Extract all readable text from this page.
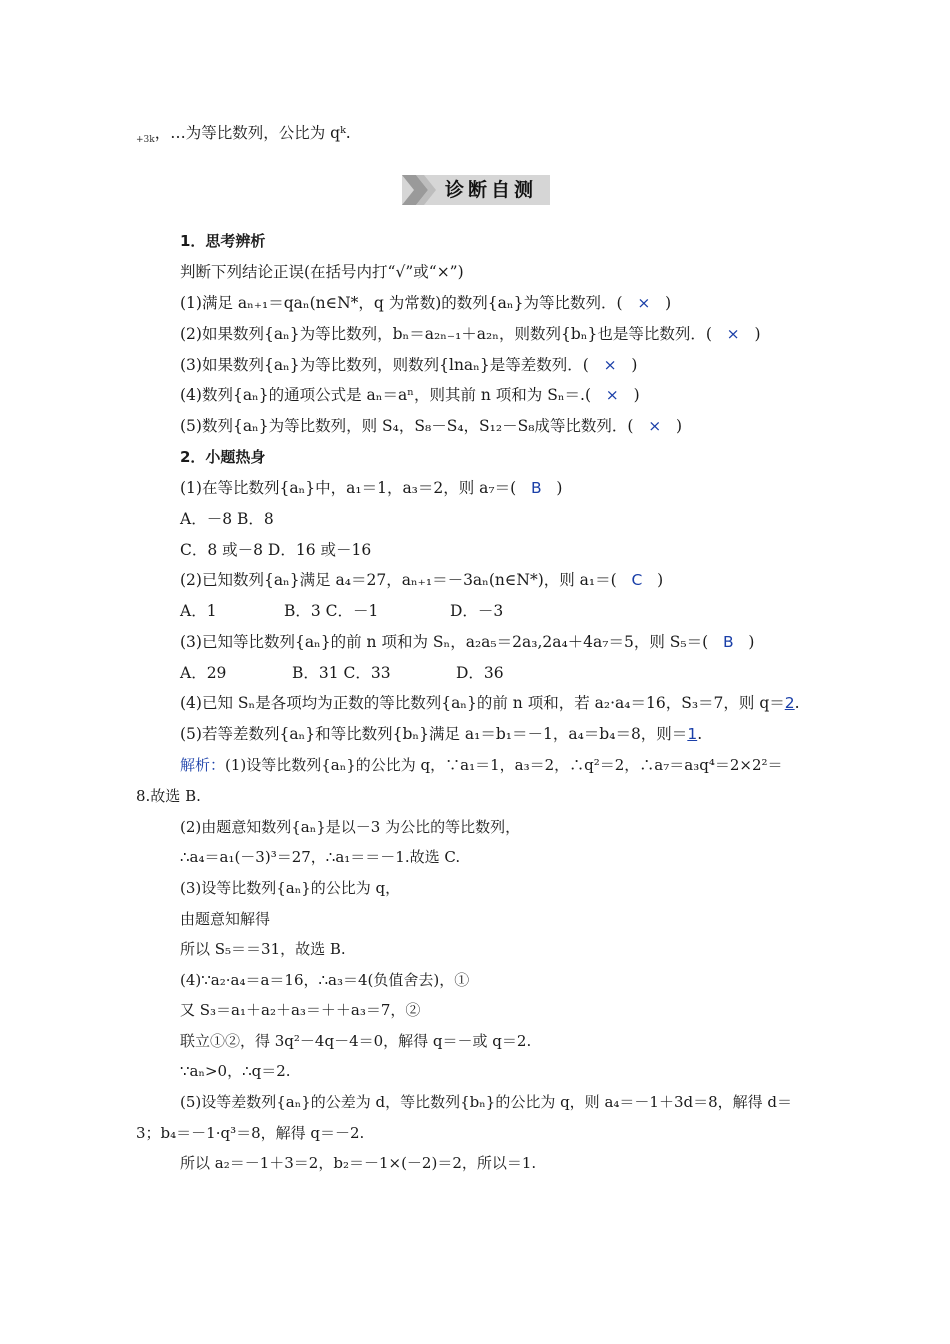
$_{+3k}$，…为等比数列，公比为 qᵏ.
诊断自测
1．思考辨析
判断下列结论正误(在括号内打“√”或“×”)
(1)满足 aₙ₊₁＝qaₙ(n∈N*，q 为常数)的数列{aₙ}为等比数列．( × )
(2)如果数列{aₙ}为等比数列，bₙ＝a₂ₙ₋₁＋a₂ₙ，则数列{bₙ}也是等比数列．( × )
(3)如果数列{aₙ}为等比数列，则数列{lnaₙ}是等差数列．( × )
(4)数列{aₙ}的通项公式是 aₙ＝aⁿ，则其前 n 项和为 Sₙ＝.( × )
(5)数列{aₙ}为等比数列，则 S₄，S₈－S₄，S₁₂－S₈成等比数列．( × )
2．小题热身
(1)在等比数列{aₙ}中，a₁＝1，a₃＝2，则 a₇＝( B )
A．－8 B．8
C．8 或－8 D．16 或－16
(2)已知数列{aₙ}满足 a₄＝27，aₙ₊₁＝－3aₙ(n∈N*)，则 a₁＝( C )
A．1	B．3 C．－1	D．－3
(3)已知等比数列{aₙ}的前 n 项和为 Sₙ，a₂a₅＝2a₃,2a₄＋4a₇＝5，则 S₅＝( B )
A．29	B．31 C．33	D．36
(4)已知 Sₙ是各项均为正数的等比数列{aₙ}的前 n 项和，若 a₂·a₄＝16，S₃＝7，则 q＝2.
(5)若等差数列{aₙ}和等比数列{bₙ}满足 a₁＝b₁＝－1，a₄＝b₄＝8，则＝1.
解析：(1)设等比数列{aₙ}的公比为 q，∵a₁＝1，a₃＝2，∴q²＝2，∴a₇＝a₃q⁴＝2×2²＝
8.故选 B.
(2)由题意知数列{aₙ}是以－3 为公比的等比数列，
∴a₄＝a₁(－3)³＝27，∴a₁＝＝－1.故选 C.
(3)设等比数列{aₙ}的公比为 q，
由题意知解得
所以 S₅＝＝31，故选 B.
(4)∵a₂·a₄＝a＝16，∴a₃＝4(负值舍去)，①
又 S₃＝a₁＋a₂＋a₃＝＋＋a₃＝7，②
联立①②，得 3q²－4q－4＝0，解得 q＝－或 q＝2.
∵aₙ>0，∴q＝2.
(5)设等差数列{aₙ}的公差为 d，等比数列{bₙ}的公比为 q，则 a₄＝－1＋3d＝8，解得 d＝
3；b₄＝－1·q³＝8，解得 q＝－2.
所以 a₂＝－1＋3＝2，b₂＝－1×(－2)＝2，所以＝1.
